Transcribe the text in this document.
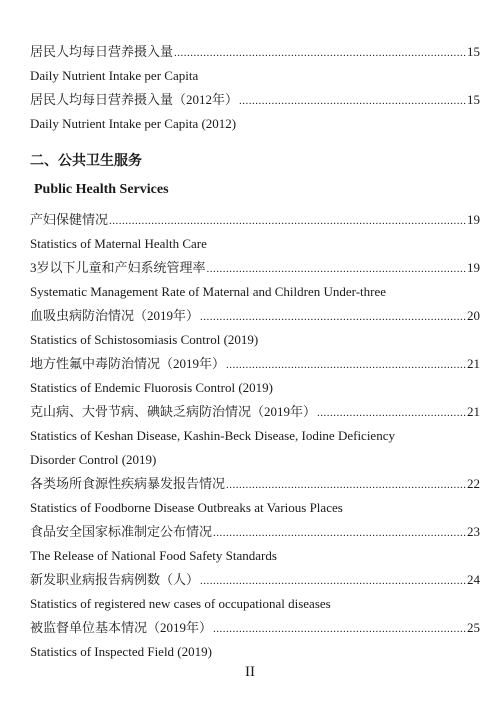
居民人均每日营养摄入量 .....	15
Daily Nutrient Intake per Capita
居民人均每日营养摄入量（2012年） .....	15
Daily Nutrient Intake per Capita (2012)
二、公共卫生服务
Public Health Services
产妇保健情况 .....	19
Statistics of Maternal Health Care
3岁以下儿童和产妇系统管理率 .....	19
Systematic Management Rate of Maternal and Children Under-three
血吸虫病防治情况（2019年） .....	20
Statistics of Schistosomiasis Control (2019)
地方性氟中毒防治情况（2019年） .....	21
Statistics of Endemic Fluorosis Control (2019)
克山病、大骨节病、碘缺乏病防治情况（2019年） .....	21
Statistics of Keshan Disease, Kashin-Beck Disease, Iodine Deficiency
Disorder Control (2019)
各类场所食源性疾病暴发报告情况 .....	22
Statistics of Foodborne Disease Outbreaks at Various Places
食品安全国家标准制定公布情况 .....	23
The Release of National Food Safety Standards
新发职业病报告病例数（人） .....	24
Statistics of registered new cases of occupational diseases
被监督单位基本情况（2019年） .....	25
Statistics of Inspected Field (2019)
II
